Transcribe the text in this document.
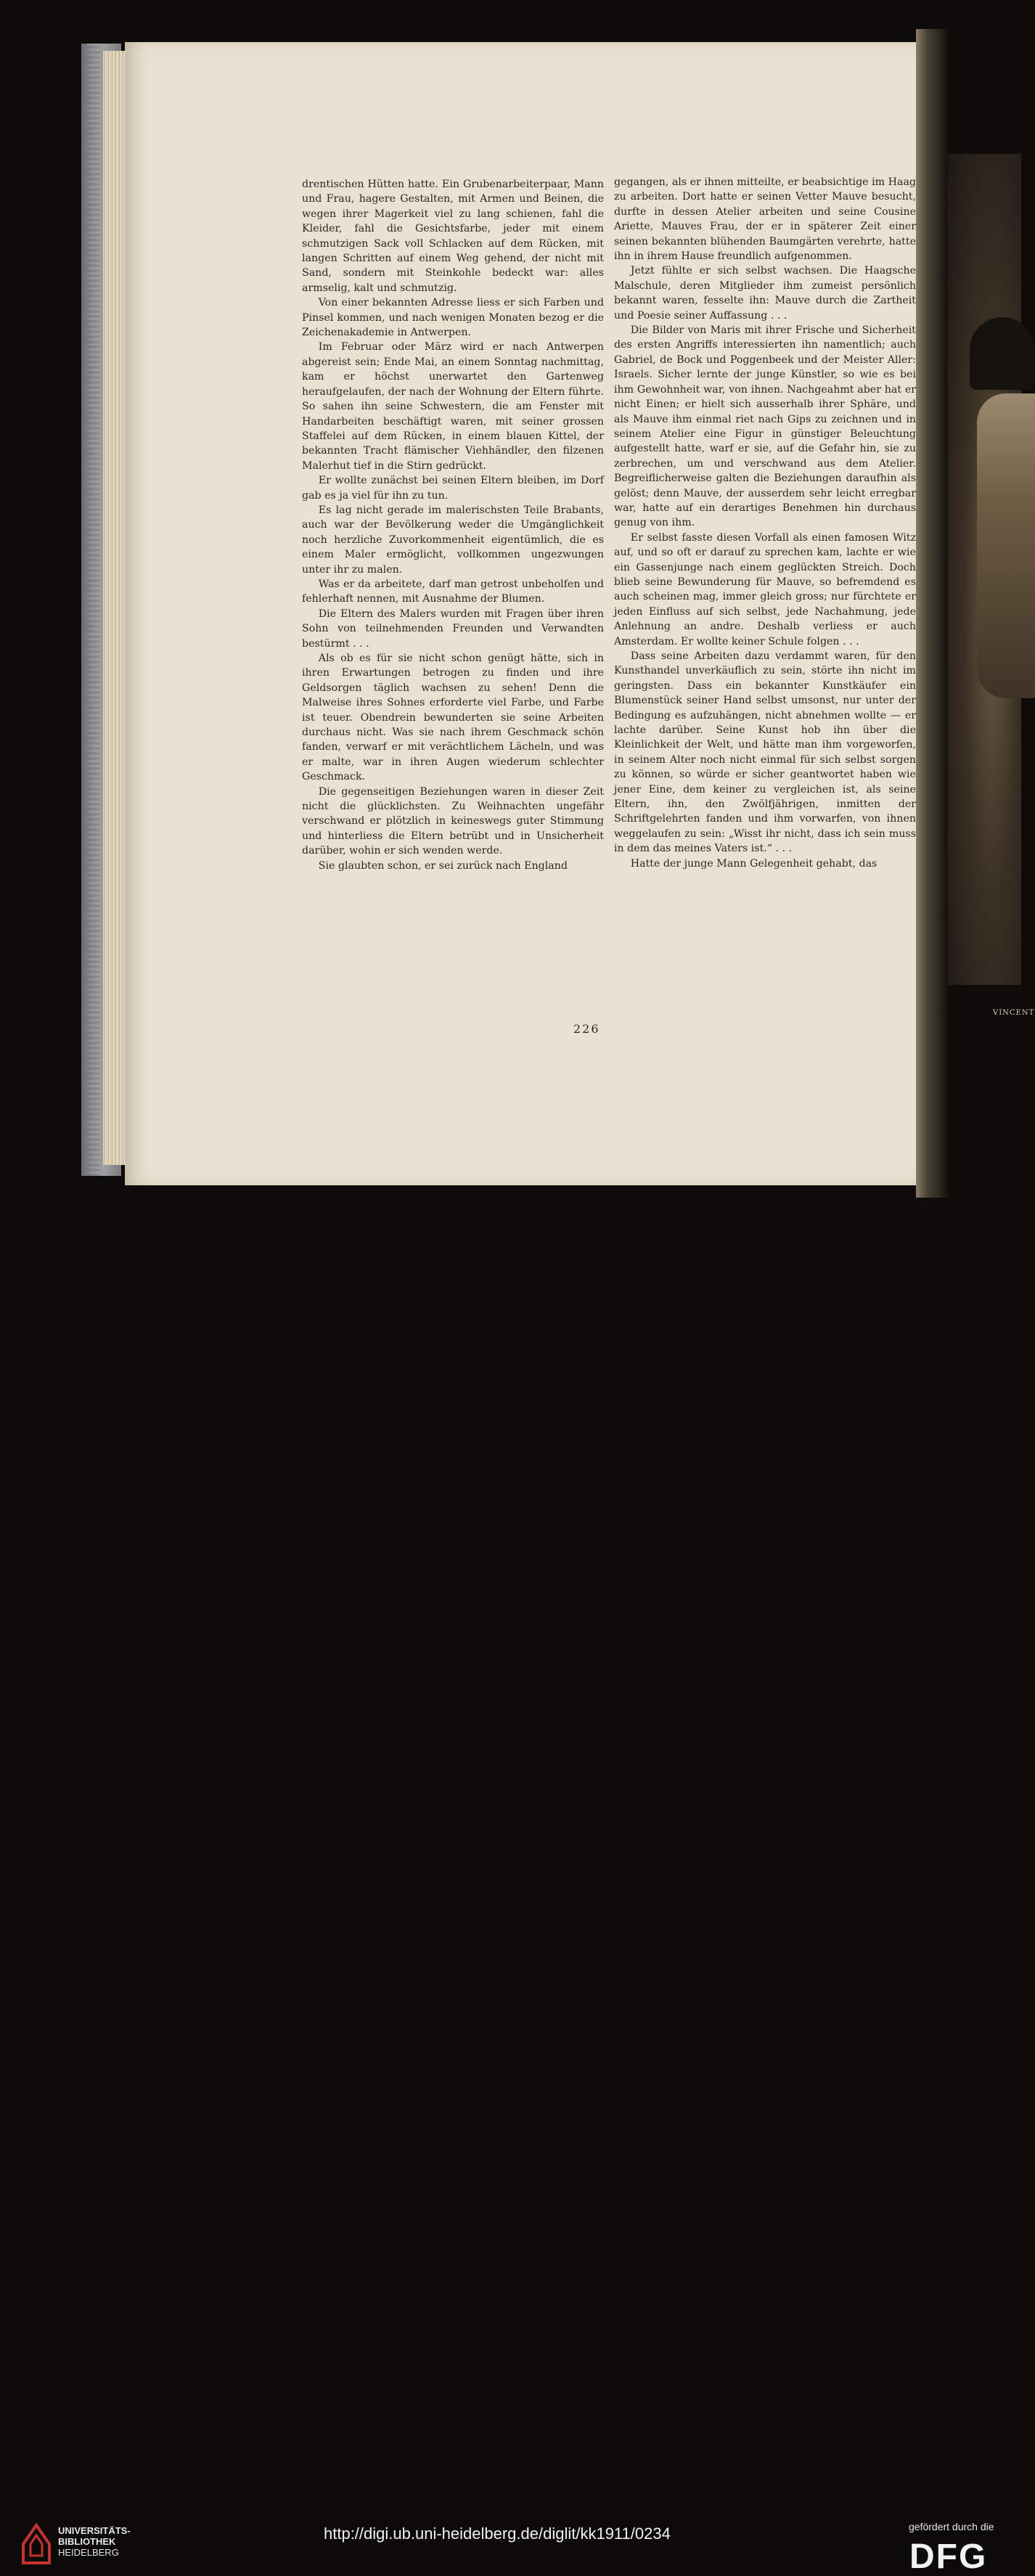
VINCENT

drentischen Hütten hatte. Ein Grubenarbeiterpaar, Mann und Frau, hagere Gestalten, mit Armen und Beinen, die wegen ihrer Magerkeit viel zu lang schienen, fahl die Kleider, fahl die Gesichtsfarbe, jeder mit einem schmutzigen Sack voll Schlacken auf dem Rücken, mit langen Schritten auf einem Weg gehend, der nicht mit Sand, sondern mit Steinkohle bedeckt war: alles armselig, kalt und schmutzig.

Von einer bekannten Adresse liess er sich Farben und Pinsel kommen, und nach wenigen Monaten bezog er die Zeichenakademie in Antwerpen.

Im Februar oder März wird er nach Antwerpen abgereist sein; Ende Mai, an einem Sonntag nachmittag, kam er höchst unerwartet den Gartenweg heraufgelaufen, der nach der Wohnung der Eltern führte. So sahen ihn seine Schwestern, die am Fenster mit Handarbeiten beschäftigt waren, mit seiner grossen Staffelei auf dem Rücken, in einem blauen Kittel, der bekannten Tracht flämischer Viehhändler, den filzenen Malerhut tief in die Stirn gedrückt.

Er wollte zunächst bei seinen Eltern bleiben, im Dorf gab es ja viel für ihn zu tun.

Es lag nicht gerade im malerischsten Teile Brabants, auch war der Bevölkerung weder die Umgänglichkeit noch herzliche Zuvorkommenheit eigentümlich, die es einem Maler ermöglicht, vollkommen ungezwungen unter ihr zu malen.

Was er da arbeitete, darf man getrost unbeholfen und fehlerhaft nennen, mit Ausnahme der Blumen.

Die Eltern des Malers wurden mit Fragen über ihren Sohn von teilnehmenden Freunden und Verwandten bestürmt . . .

Als ob es für sie nicht schon genügt hätte, sich in ihren Erwartungen betrogen zu finden und ihre Geldsorgen täglich wachsen zu sehen! Denn die Malweise ihres Sohnes erforderte viel Farbe, und Farbe ist teuer. Obendrein bewunderten sie seine Arbeiten durchaus nicht. Was sie nach ihrem Geschmack schön fanden, verwarf er mit verächtlichem Lächeln, und was er malte, war in ihren Augen wiederum schlechter Geschmack.

Die gegenseitigen Beziehungen waren in dieser Zeit nicht die glücklichsten. Zu Weihnachten ungefähr verschwand er plötzlich in keineswegs guter Stimmung und hinterliess die Eltern betrübt und in Unsicherheit darüber, wohin er sich wenden werde.

Sie glaubten schon, er sei zurück nach England

gegangen, als er ihnen mitteilte, er beabsichtige im Haag zu arbeiten. Dort hatte er seinen Vetter Mauve besucht, durfte in dessen Atelier arbeiten und seine Cousine Ariette, Mauves Frau, der er in späterer Zeit einer seinen bekannten blühenden Baumgärten verehrte, hatte ihn in ihrem Hause freundlich aufgenommen.

Jetzt fühlte er sich selbst wachsen. Die Haagsche Malschule, deren Mitglieder ihm zumeist persönlich bekannt waren, fesselte ihn: Mauve durch die Zartheit und Poesie seiner Auffassung . . .

Die Bilder von Maris mit ihrer Frische und Sicherheit des ersten Angriffs interessierten ihn namentlich; auch Gabriel, de Bock und Poggenbeek und der Meister Aller: Israels. Sicher lernte der junge Künstler, so wie es bei ihm Gewohnheit war, von ihnen. Nachgeahmt aber hat er nicht Einen; er hielt sich ausserhalb ihrer Sphäre, und als Mauve ihm einmal riet nach Gips zu zeichnen und in seinem Atelier eine Figur in günstiger Beleuchtung aufgestellt hatte, warf er sie, auf die Gefahr hin, sie zu zerbrechen, um und verschwand aus dem Atelier. Begreiflicherweise galten die Beziehungen daraufhin als gelöst; denn Mauve, der ausserdem sehr leicht erregbar war, hatte auf ein derartiges Benehmen hin durchaus genug von ihm.

Er selbst fasste diesen Vorfall als einen famosen Witz auf, und so oft er darauf zu sprechen kam, lachte er wie ein Gassenjunge nach einem geglückten Streich. Doch blieb seine Bewunderung für Mauve, so befremdend es auch scheinen mag, immer gleich gross; nur fürchtete er jeden Einfluss auf sich selbst, jede Nachahmung, jede Anlehnung an andre. Deshalb verliess er auch Amsterdam. Er wollte keiner Schule folgen . . .

Dass seine Arbeiten dazu verdammt waren, für den Kunsthandel unverkäuflich zu sein, störte ihn nicht im geringsten. Dass ein bekannter Kunstkäufer ein Blumenstück seiner Hand selbst umsonst, nur unter der Bedingung es aufzuhängen, nicht abnehmen wollte — er lachte darüber. Seine Kunst hob ihn über die Kleinlichkeit der Welt, und hätte man ihm vorgeworfen, in seinem Alter noch nicht einmal für sich selbst sorgen zu können, so würde er sicher geantwortet haben wie jener Eine, dem keiner zu vergleichen ist, als seine Eltern, ihn, den Zwölfjährigen, inmitten der Schriftgelehrten fanden und ihm vorwarfen, von ihnen weggelaufen zu sein: „Wisst ihr nicht, dass ich sein muss in dem das meines Vaters ist.“ . . .

Hatte der junge Mann Gelegenheit gehabt, das

226
UNIVERSITÄTS-
BIBLIOTHEK
HEIDELBERG
http://digi.ub.uni-heidelberg.de/diglit/kk1911/0234	gefördert durch die
DFG
